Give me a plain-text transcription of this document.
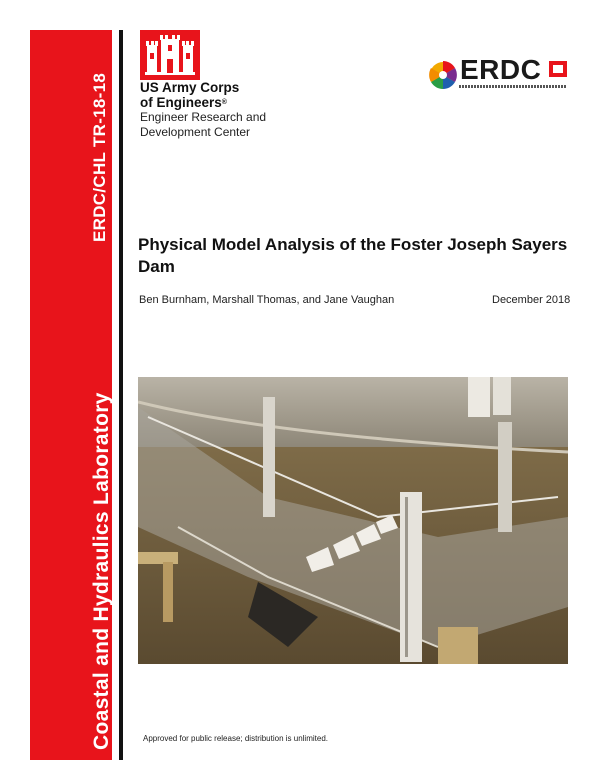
ERDC/CHL TR-18-18
Coastal and Hydraulics Laboratory
US Army Corps
of Engineers®
Engineer Research and
Development Center
ERDC
Physical Model Analysis of the Foster Joseph Sayers Dam
Ben Burnham, Marshall Thomas, and Jane Vaughan	December 2018
Approved for public release; distribution is unlimited.
